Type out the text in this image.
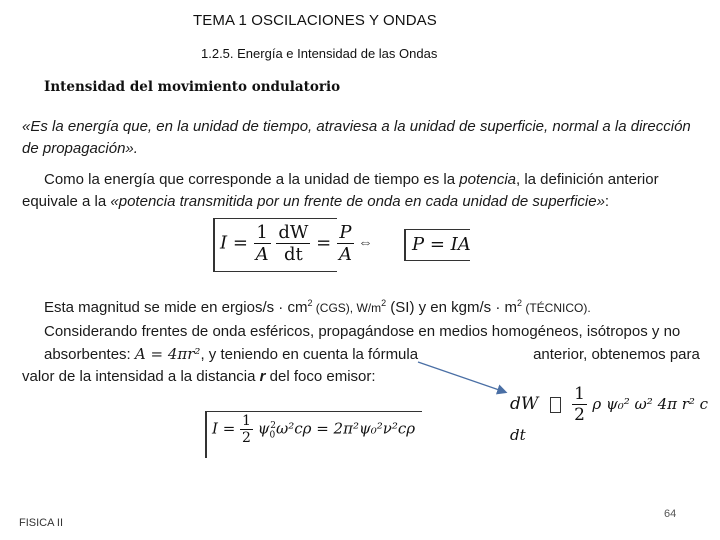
TEMA 1 OSCILACIONES Y ONDAS
1.2.5. Energía e Intensidad de las Ondas
Intensidad del movimiento ondulatorio
«Es la energía que, en la unidad de tiempo, atraviesa a la unidad de superficie, normal a la dirección de propagación».
Como la energía que corresponde a la unidad de tiempo es la potencia, la definición anterior equivale a la «potencia transmitida por un frente de onda en cada unidad de superficie»:
$I = \frac{1}{A}$
$\frac{dW}{dt} = \frac{P}{A}$ ⇔ P = IA
Esta magnitud se mide en ergios/s · $cm^2$ (CGS), $W/m^2$ (SI) y en $kgm/s \cdot m^2$ (TÉCNICO).
Considerando frentes de onda esféricos, propagándose en medios homogéneos, isótropos y no absorbentes: A = 4πr², y teniendo en cuenta la fórmula	anterior, obtenemos para
valor de la intensidad a la distancia r del foco emisor:
dW $\frac{1}{2}$ ρ ψ₀² ω² 4π r² c dt
$I = \frac{1}{2} \psi_0^2\omega^2c\rho = 2\pi^2\psi_0^2\nu^2c\rho$
FISICA II
64
